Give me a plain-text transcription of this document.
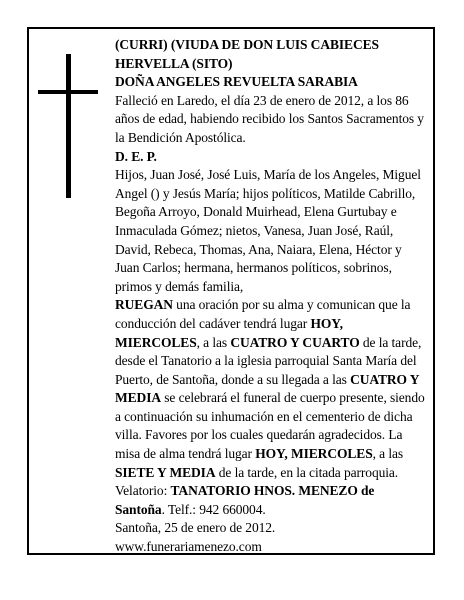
(CURRI) (VIUDA DE DON LUIS CABIECES

HERVELLA (SITO)

DOÑA ANGELES REVUELTA SARABIA

Falleció en Laredo, el día 23 de enero de 2012, a los 86 años de edad, habiendo recibido los Santos Sacramentos y la Bendición Apostólica.

D. E. P.

Hijos, Juan José, José Luis, María de los Angeles, Miguel Angel () y Jesús María; hijos políticos, Matilde Cabrillo, Begoña Arroyo, Donald Muirhead, Elena Gurtubay e Inmaculada Gómez; nietos, Vanesa, Juan José, Raúl, David, Rebeca, Thomas, Ana, Naiara, Elena, Héctor y Juan Carlos; hermana, hermanos políticos, sobrinos, primos y demás familia,

RUEGAN una oración por su alma y comunican que la conducción del cadáver tendrá lugar HOY, MIERCOLES, a las CUATRO Y CUARTO de la tarde, desde el Tanatorio a la iglesia parroquial Santa María del Puerto, de Santoña, donde a su llegada a las CUATRO Y MEDIA se celebrará el funeral de cuerpo presente, siendo a continuación su inhumación en el cementerio de dicha villa. Favores por los cuales quedarán agradecidos. La misa de alma tendrá lugar HOY, MIERCOLES, a las SIETE Y MEDIA de la tarde, en la citada parroquia. Velatorio: TANATORIO HNOS. MENEZO de Santoña. Telf.: 942 660004.

Santoña, 25 de enero de 2012.

www.funerariamenezo.com
